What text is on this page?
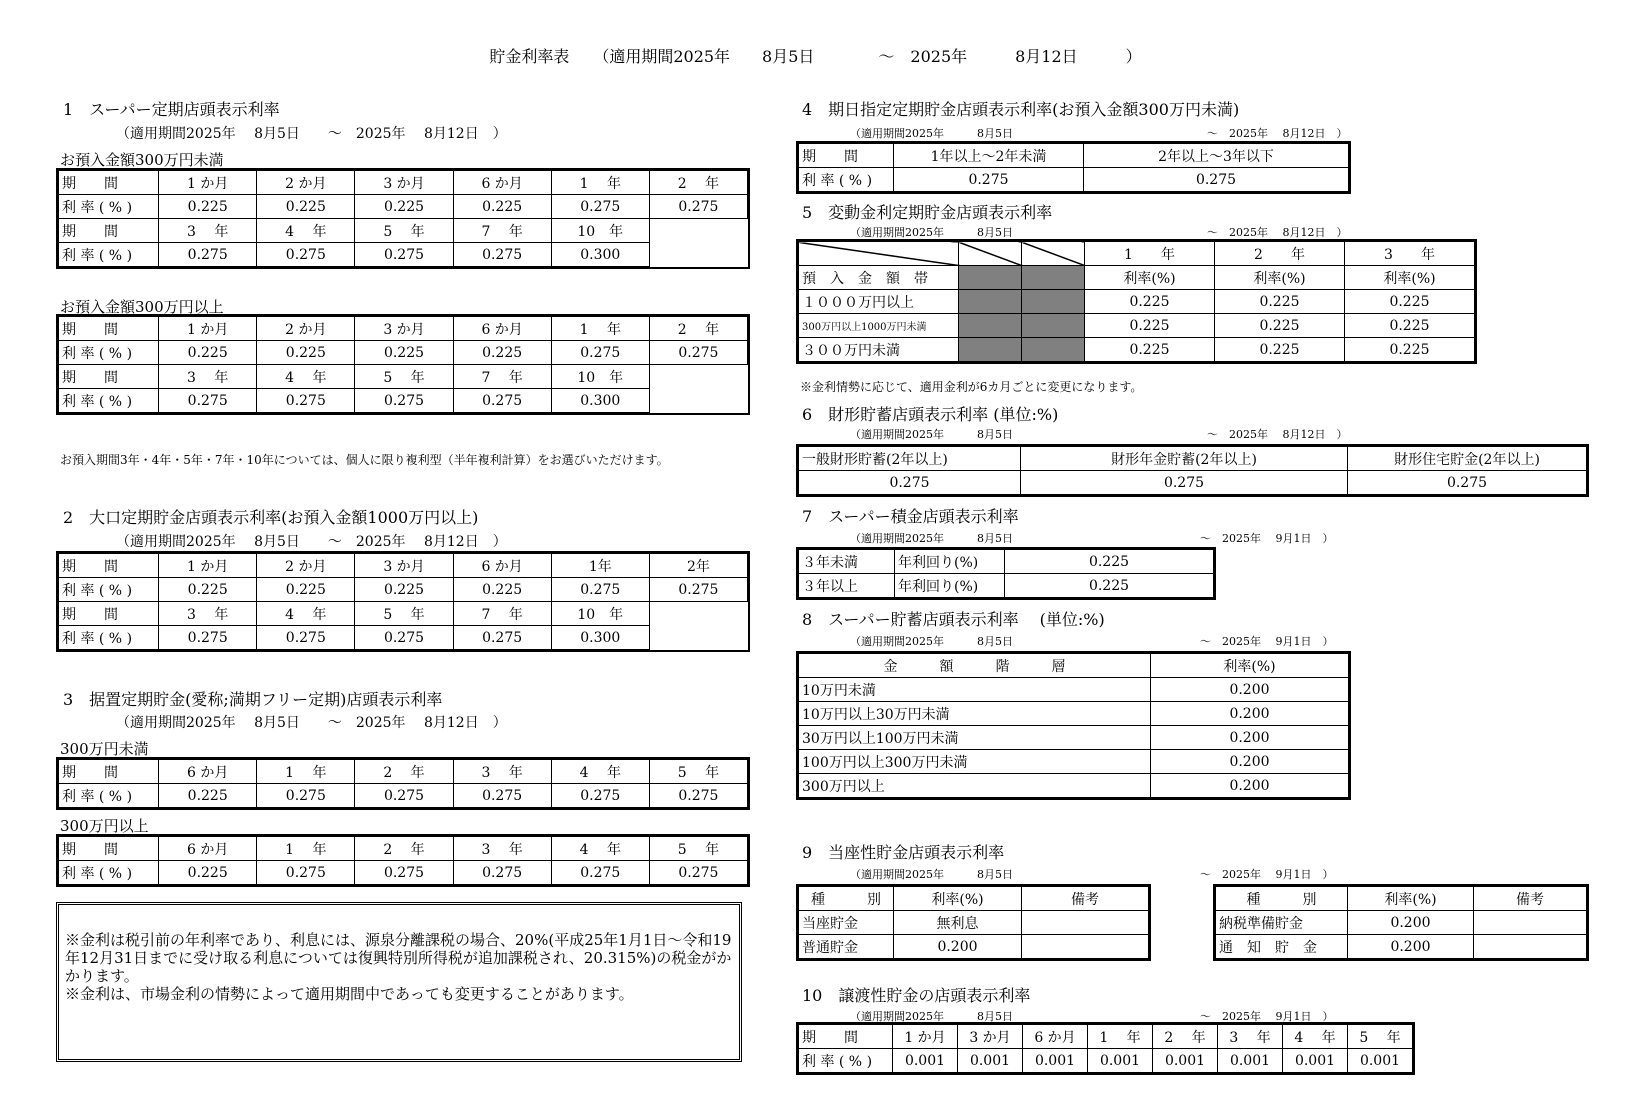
貯金利率表　　（適用期間2025年　　8月5日　　　　～　2025年　　　8月12日　　　）
1　スーパー定期店頭表示利率
（適用期間2025年　 8月5日　　～　2025年　 8月12日　）
お預入金額300万円未満
期　　間	1 か月	2 か月	3 か月	6 か月	1　 年	2　 年
利 率 ( % )	0.225	0.225	0.225	0.225	0.275	0.275
期　　間	3　 年	4　 年	5　 年	7　 年	10　年	
利 率 ( % )	0.275	0.275	0.275	0.275	0.300	
お預入金額300万円以上
期　　間	1 か月	2 か月	3 か月	6 か月	1　 年	2　 年
利 率 ( % )	0.225	0.225	0.225	0.225	0.275	0.275
期　　間	3　 年	4　 年	5　 年	7　 年	10　年	
利 率 ( % )	0.275	0.275	0.275	0.275	0.300	
お預入期間3年・4年・5年・7年・10年については、個人に限り複利型（半年複利計算）をお選びいただけます。
2　大口定期貯金店頭表示利率(お預入金額1000万円以上)
（適用期間2025年　 8月5日　　～　2025年　 8月12日　）
期　　間	1 か月	2 か月	3 か月	6 か月	1年	2年
利 率 ( % )	0.225	0.225	0.225	0.225	0.275	0.275
期　　間	3　 年	4　 年	5　 年	7　 年	10　年	
利 率 ( % )	0.275	0.275	0.275	0.275	0.300	
3　据置定期貯金(愛称;満期フリー定期)店頭表示利率
（適用期間2025年　 8月5日　　～　2025年　 8月12日　）
300万円未満
期　　間	6 か月	1　 年	2　 年	3　 年	4　 年	5　 年
利 率 ( % )	0.225	0.275	0.275	0.275	0.275	0.275
300万円以上
期　　間	6 か月	1　 年	2　 年	3　 年	4　 年	5　 年
利 率 ( % )	0.225	0.275	0.275	0.275	0.275	0.275

※金利は税引前の年利率であり、利息には、源泉分離課税の場合、20%(平成25年1月1日～令和19年12月31日までに受け取る利息については復興特別所得税が追加課税され、20.315%)の税金がかかります。

※金利は、市場金利の情勢によって適用期間中であっても変更することがあります。

4　期日指定定期貯金店頭表示利率(お預入金額300万円未満)
（適用期間2025年　　　8月5日	～　2025年　 8月12日　）
期　　間	1年以上～2年未満	2年以上～3年以下
利 率 ( % )	0.275	0.275
5　変動金利定期貯金店頭表示利率
（適用期間2025年　　　8月5日	～　2025年　 8月12日　）
			1　　年	2　　年	3　　年
預　入　金　額　帯			利率(%)	利率(%)	利率(%)
１０００万円以上			0.225	0.225	0.225
300万円以上1000万円未満			0.225	0.225	0.225
３００万円未満			0.225	0.225	0.225
※金利情勢に応じて、適用金利が6カ月ごとに変更になります。
6　財形貯蓄店頭表示利率 (単位:%)
（適用期間2025年　　　8月5日	～　2025年　 8月12日　）
一般財形貯蓄(2年以上)	財形年金貯蓄(2年以上)	財形住宅貯金(2年以上)
0.275	0.275	0.275
7　スーパー積金店頭表示利率
（適用期間2025年　　　8月5日	～　2025年　 9月1日　）
３年未満	年利回り(%)	0.225
３年以上	年利回り(%)	0.225
8　スーパー貯蓄店頭表示利率　 (単位:%)
（適用期間2025年　　　8月5日	～　2025年　 9月1日　）
金　　　額　　　階　　　層	利率(%)
10万円未満	0.200
10万円以上30万円未満	0.200
30万円以上100万円未満	0.200
100万円以上300万円未満	0.200
300万円以上	0.200
9　当座性貯金店頭表示利率
（適用期間2025年　　　8月5日	～　2025年　 9月1日　）
種　　　別	利率(%)	備考
当座貯金	無利息	
普通貯金	0.200	
種　　　別	利率(%)	備考
納税準備貯金	0.200	
通　知　貯　金	0.200	
10　譲渡性貯金の店頭表示利率
（適用期間2025年　　　8月5日	～　2025年　 9月1日　）
期　　間	1 か月	3 か月	6 か月	1　 年	2　 年	3　 年	4　 年	5　 年
利 率 ( % )	0.001	0.001	0.001	0.001	0.001	0.001	0.001	0.001
